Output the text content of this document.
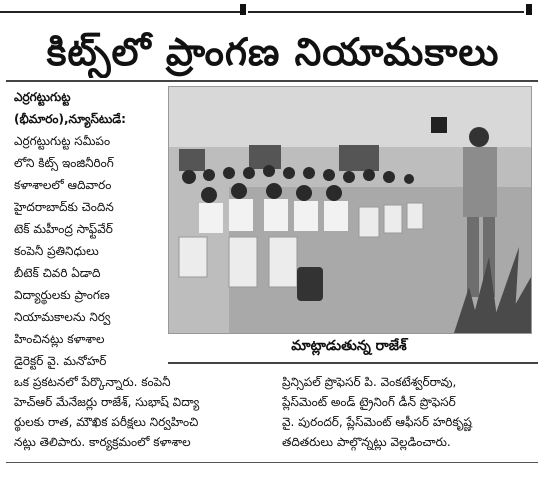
కిట్స్‌లో ప్రాంగణ నియామకాలు
ఎర్రగట్టుగుట్ట
(భీమారం),న్యూస్‌టుడే:
ఎర్రగట్టుగుట్ట సమీపం
లోని కిట్స్ ఇంజినీరింగ్
కళాశాలలో ఆదివారం
హైదరాబాద్‌కు చెందిన
టెక్ మహీంద్ర సాఫ్ట్‌వేర్
కంపెనీ ప్రతినిధులు
బీటెక్ చివరి ఏడాది
విద్యార్థులకు ప్రాంగణ
నియామకాలను నిర్వ
హించినట్లు కళాశాల
డైరెక్టర్ వై. మనోహర్
మాట్లాడుతున్న రాజేశ్
ఒక ప్రకటనలో పేర్కొన్నారు. కంపెనీ
హెచ్‌ఆర్ మేనేజర్లు రాజేశ్, సుభాష్ విద్యా
ర్థులకు రాత, మౌఖిక పరీక్షలు నిర్వహించి
నట్లు తెలిపారు. కార్యక్రమంలో కళాశాల
ప్రిన్సిపల్ ప్రొఫెసర్ పి. వెంకటేశ్వర్‌రావు,
ప్లేస్‌మెంట్ అండ్ ట్రైనింగ్ డీన్ ప్రొఫెసర్
వై. పురందర్, ప్లేస్‌మెంట్ ఆఫీసర్ హరికృష్ణ
తదితరులు పాల్గొన్నట్లు వెల్లడించారు.
